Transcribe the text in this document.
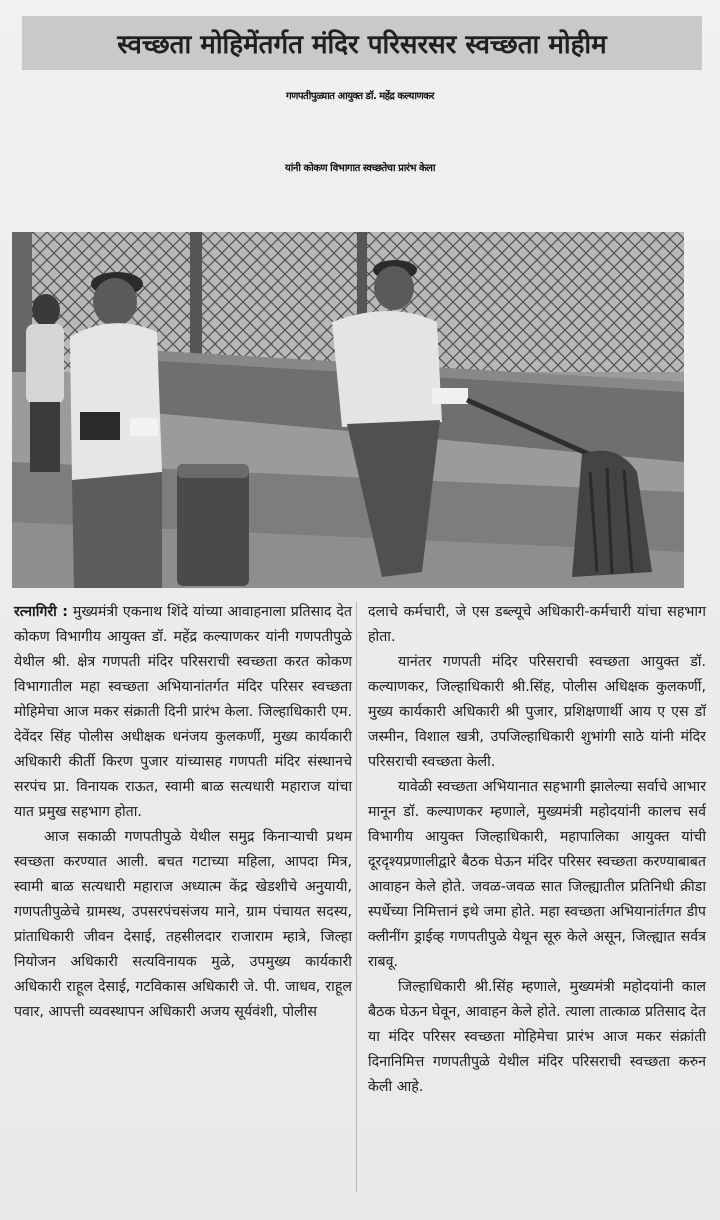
स्वच्छता मोहिमेंतर्गत मंदिर परिसरसर स्वच्छता मोहीम
गणपतीपुळ्यात आयुक्त डॉ. महेंद्र कल्याणकर
यांनी कोकण विभागात स्वच्छतेचा प्रारंभ केला

रत्नागिरी : मुख्यमंत्री एकनाथ शिंदे यांच्या आवाहनाला प्रतिसाद देत कोकण विभागीय आयुक्त डॉ. महेंद्र कल्याणकर यांनी गणपतीपुळे येथील श्री. क्षेत्र गणपती मंदिर परिसराची स्वच्छता करत कोकण विभागातील महा स्वच्छता अभियानांतर्गत मंदिर परिसर स्वच्छता मोहिमेचा आज मकर संक्राती दिनी प्रारंभ केला. जिल्हाधिकारी एम. देवेंदर सिंह पोलीस अधीक्षक धनंजय कुलकर्णी, मुख्य कार्यकारी अधिकारी कीर्ती किरण पुजार यांच्यासह गणपती मंदिर संस्थानचे सरपंच प्रा. विनायक राऊत, स्वामी बाळ सत्यधारी महाराज यांचा यात प्रमुख सहभाग होता.

आज सकाळी गणपतीपुळे येथील समुद्र किनाऱ्याची प्रथम स्वच्छता करण्यात आली. बचत गटाच्या महिला, आपदा मित्र, स्वामी बाळ सत्यधारी महाराज अध्यात्म केंद्र खेडशीचे अनुयायी, गणपतीपुळेचे ग्रामस्थ, उपसरपंचसंजय माने, ग्राम पंचायत सदस्य, प्रांताधिकारी जीवन देसाई, तहसीलदार राजाराम म्हात्रे, जिल्हा नियोजन अधिकारी सत्यविनायक मुळे, उपमुख्य कार्यकारी अधिकारी राहूल देसाई, गटविकास अधिकारी जे. पी. जाधव, राहूल पवार, आपत्ती व्यवस्थापन अधिकारी अजय सूर्यवंशी, पोलीस

दलाचे कर्मचारी, जे एस डब्ल्यूचे अधिकारी-कर्मचारी यांचा सहभाग होता.

यानंतर गणपती मंदिर परिसराची स्वच्छता आयुक्त डॉ. कल्याणकर, जिल्हाधिकारी श्री.सिंह, पोलीस अधिक्षक कुलकर्णी, मुख्य कार्यकारी अधिकारी श्री पुजार, प्रशिक्षणार्थी आय ए एस डॉ जस्मीन, विशाल खत्री, उपजिल्हाधिकारी शुभांगी साठे यांनी मंदिर परिसराची स्वच्छता केली.

यावेळी स्वच्छता अभियानात सहभागी झालेल्या सर्वाचे आभार मानून डॉ. कल्याणकर म्हणाले, मुख्यमंत्री महोदयांनी कालच सर्व विभागीय आयुक्त जिल्हाधिकारी, महापालिका आयुक्त यांची दूरदृश्यप्रणालीद्वारे बैठक घेऊन मंदिर परिसर स्वच्छता करण्याबाबत आवाहन केले होते. जवळ-जवळ सात जिल्ह्यातील प्रतिनिधी क्रीडा स्पर्धेच्या निमित्तानं इथे जमा होते. महा स्वच्छता अभियानांर्तगत डीप क्लीनींग ड्राईव्ह गणपतीपुळे येथून सूरु केले असून, जिल्ह्यात सर्वत्र राबवू.

जिल्हाधिकारी श्री.सिंह म्हणाले, मुख्यमंत्री महोदयांनी काल बैठक घेऊन घेवून, आवाहन केले होते. त्याला तात्काळ प्रतिसाद देत या मंदिर परिसर स्वच्छता मोहिमेचा प्रारंभ आज मकर संक्रांती दिनानिमित्त गणपतीपुळे येथील मंदिर परिसराची स्वच्छता करुन केली आहे.
